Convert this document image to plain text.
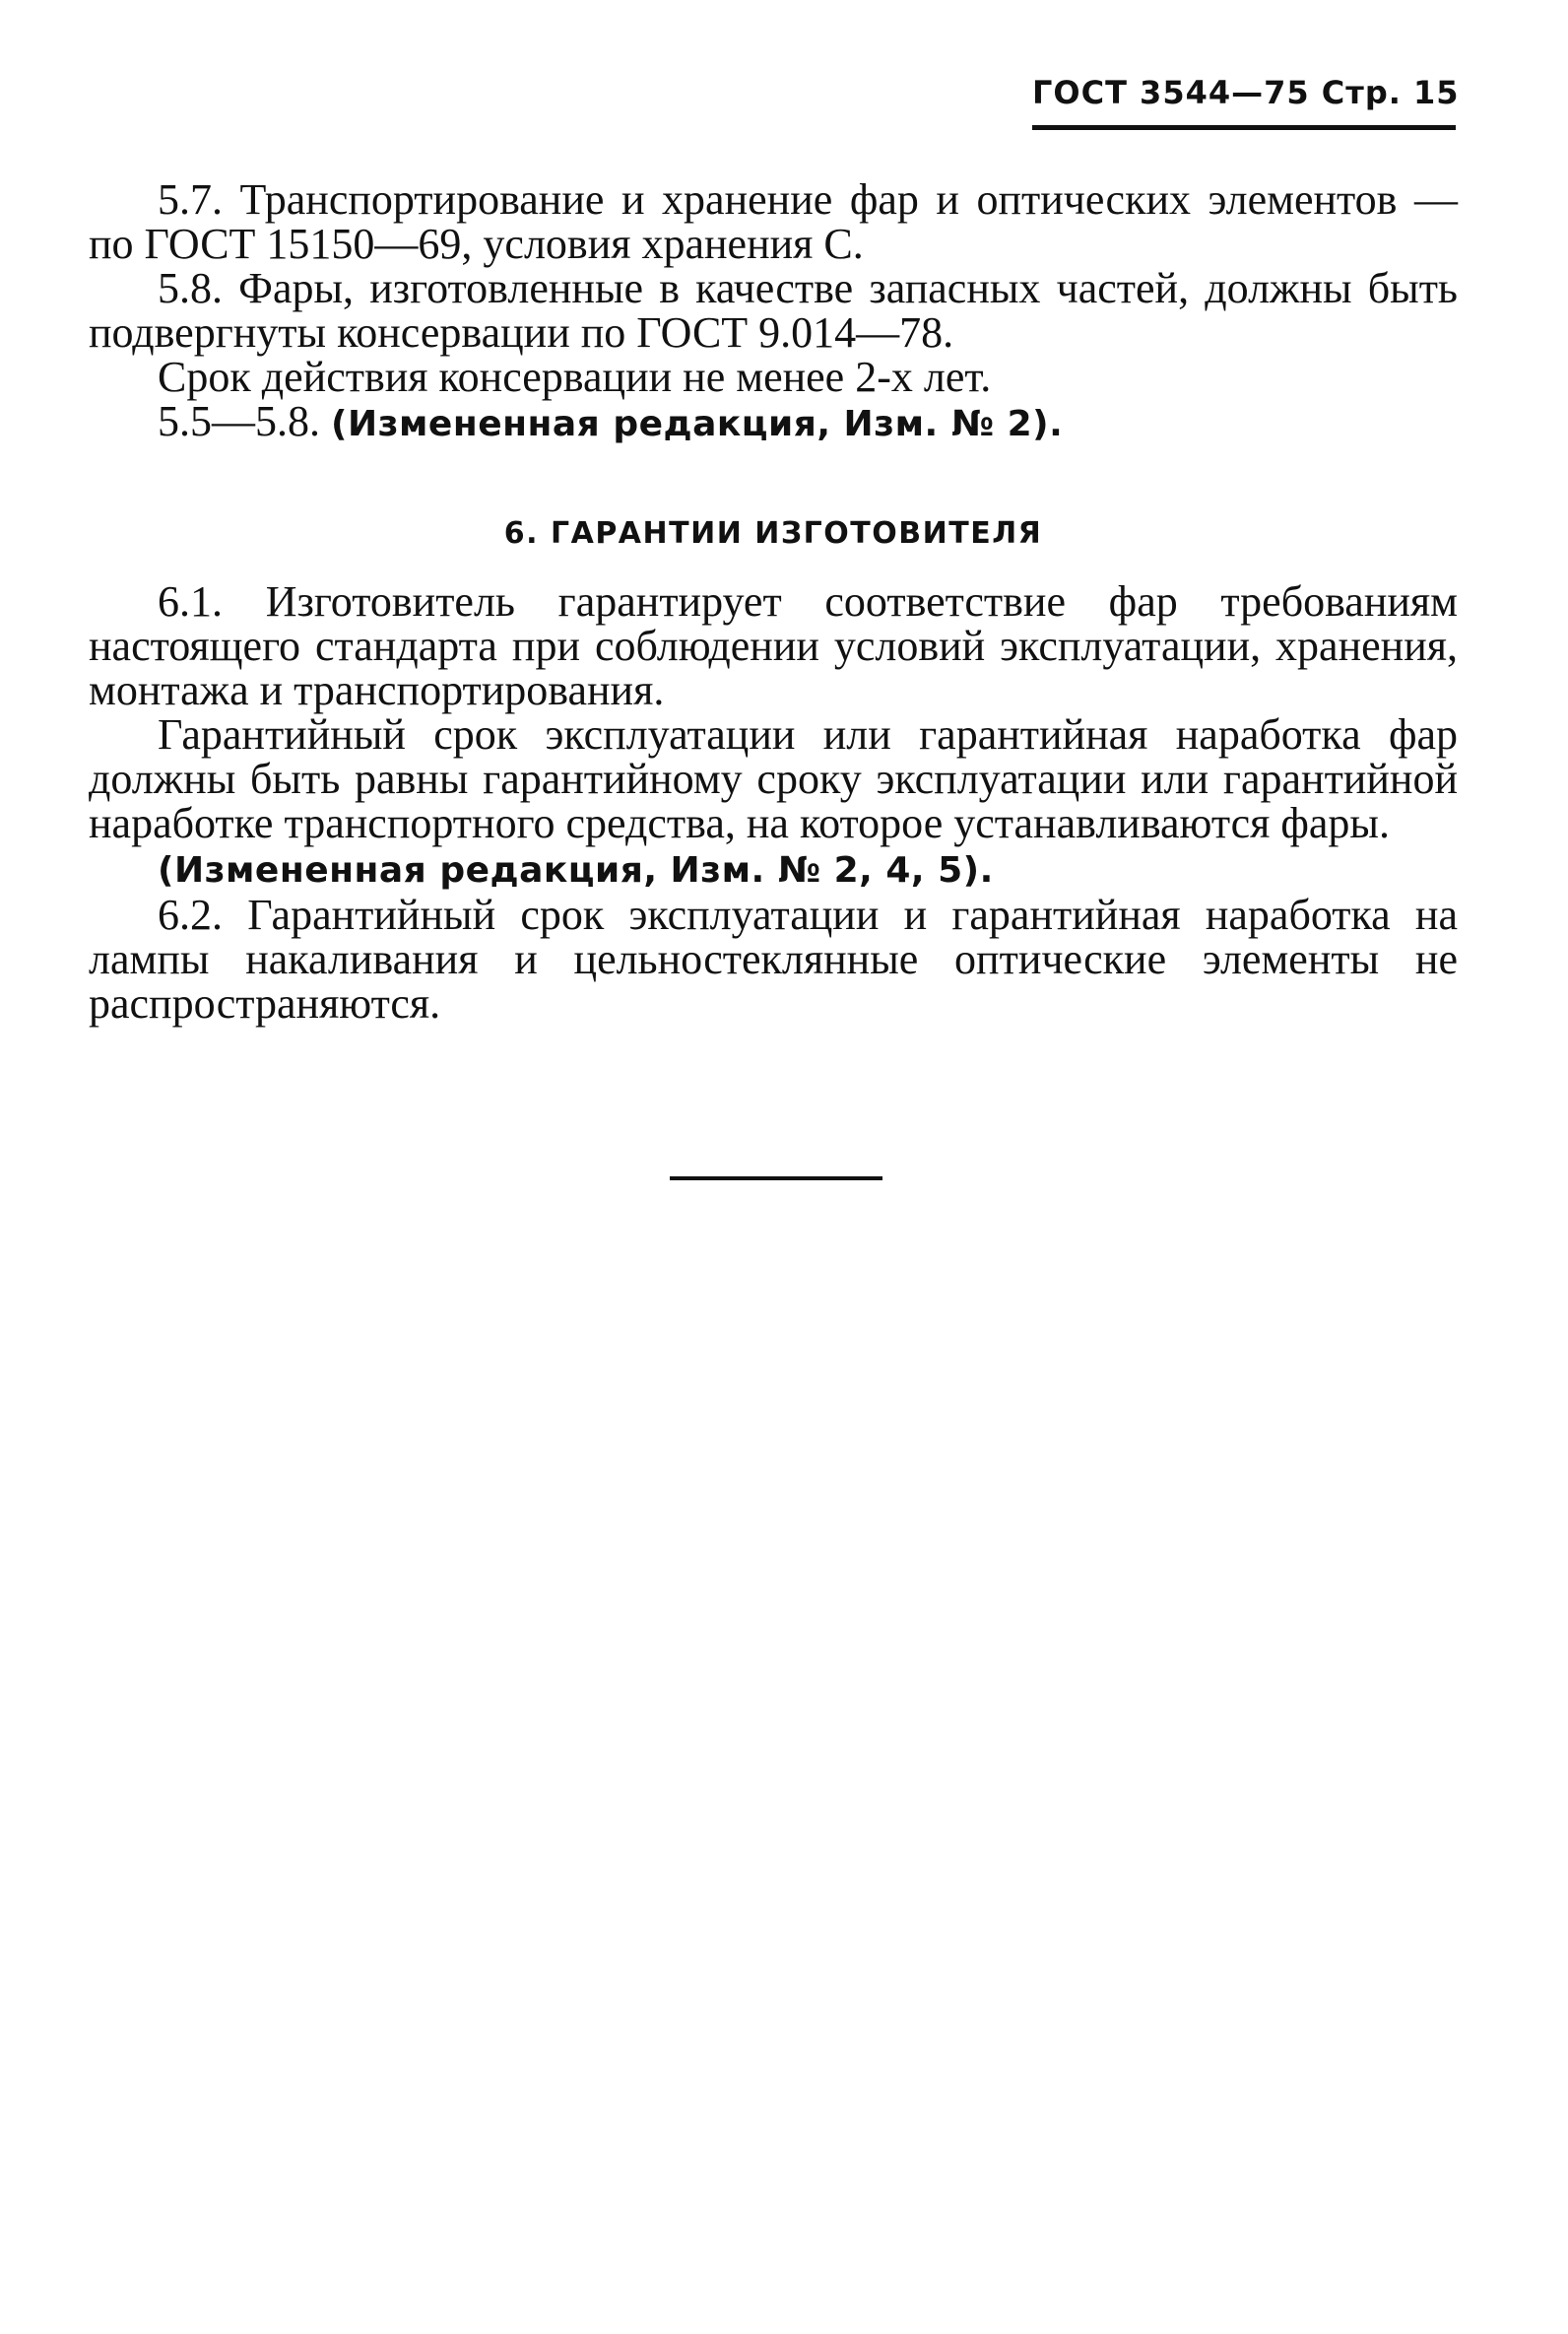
ГОСТ 3544—75 Стр. 15

5.7. Транспортирование и хранение фар и оптических элементов — по ГОСТ 15150—69, условия хранения С.

5.8. Фары, изготовленные в качестве запасных частей, должны быть подвергнуты консервации по ГОСТ 9.014—78.

Срок действия консервации не менее 2-х лет.

5.5—5.8. (Измененная редакция, Изм. № 2).

6. ГАРАНТИИ ИЗГОТОВИТЕЛЯ

6.1. Изготовитель гарантирует соответствие фар требованиям настоящего стандарта при соблюдении условий эксплуатации, хранения, монтажа и транспортирования.

Гарантийный срок эксплуатации или гарантийная наработка фар должны быть равны гарантийному сроку эксплуатации или гарантийной наработке транспортного средства, на которое устанавливаются фары.

(Измененная редакция, Изм. № 2, 4, 5).

6.2. Гарантийный срок эксплуатации и гарантийная наработка на лампы накаливания и цельностеклянные оптические элементы не распространяются.
